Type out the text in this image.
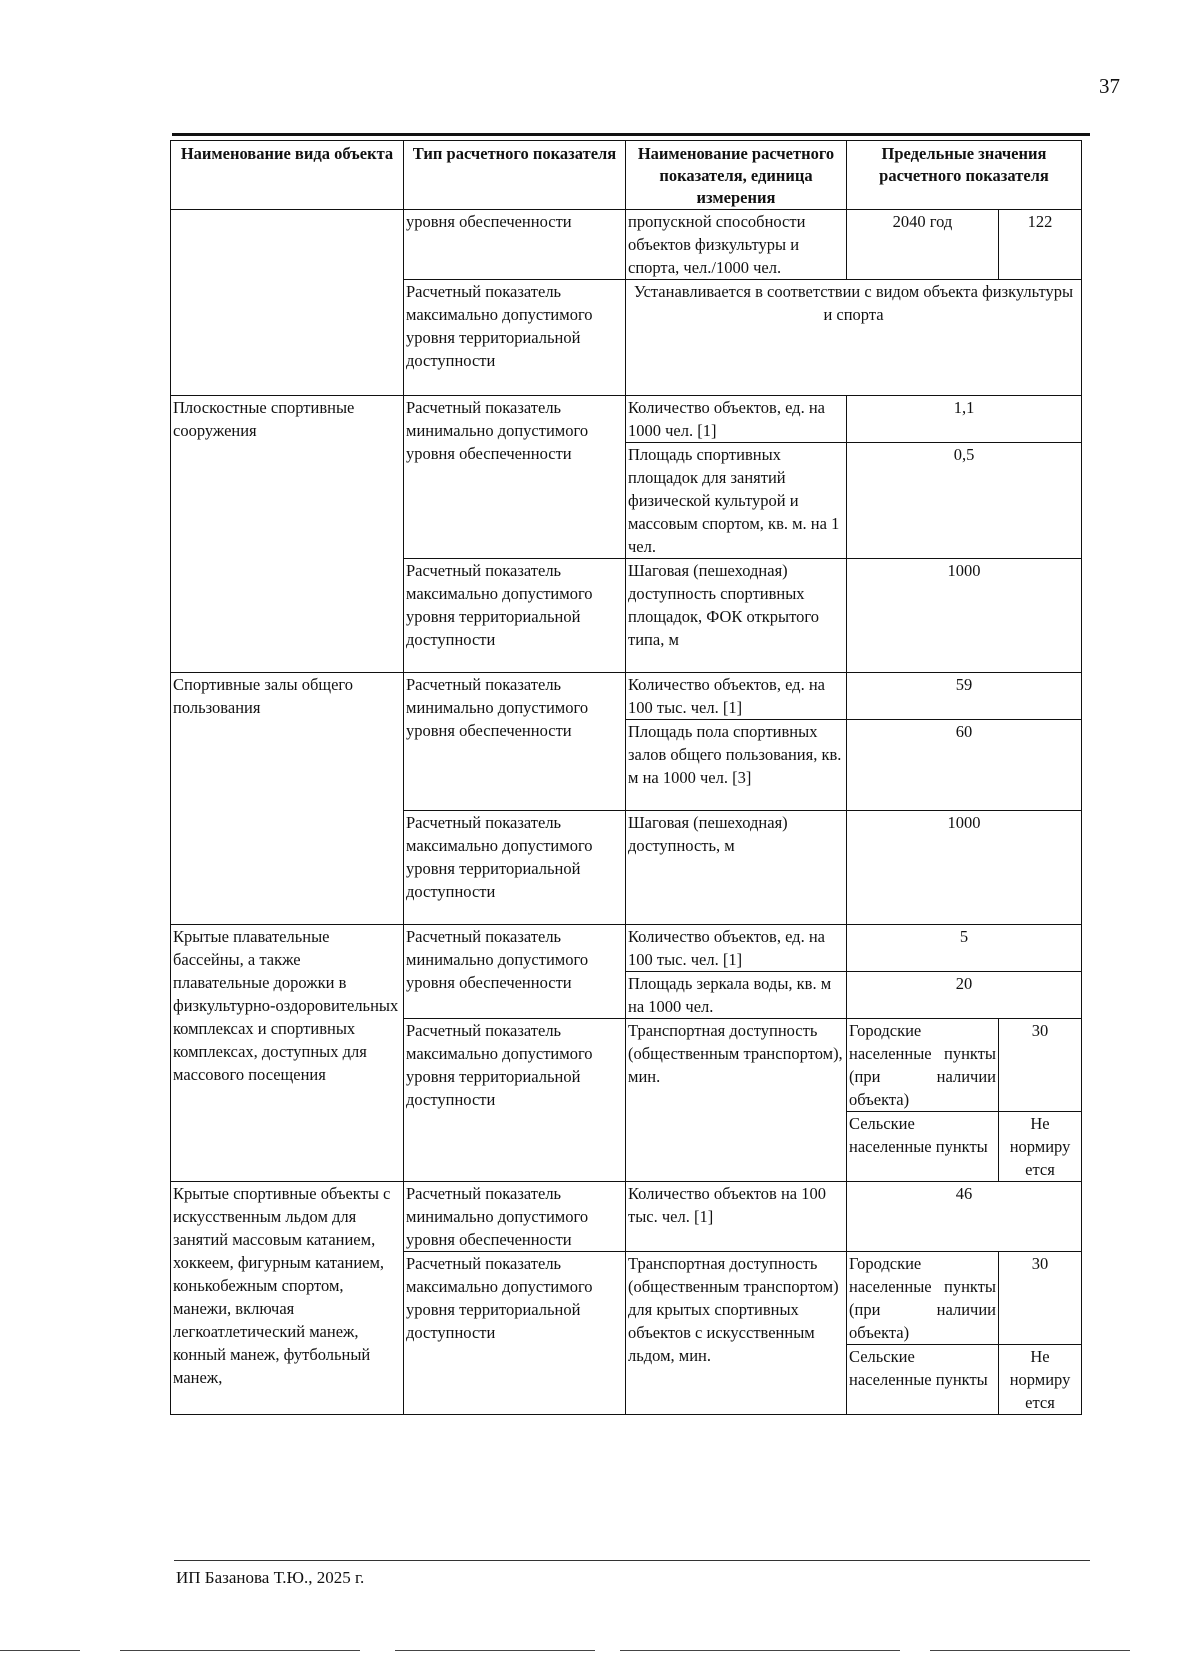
37
Наименование вида объекта	Тип расчетного показателя	Наименование расчетного показателя, единица измерения	Предельные значения расчетного показателя	
	уровня обеспеченности	пропускной способности объектов физкультуры и спорта, чел./1000 чел.	2040 год	122
	Расчетный показатель максимально допустимого уровня территориальной доступности	Устанавливается в соответствии с видом объекта физкультуры и спорта		
Плоскостные спортивные сооружения	Расчетный показатель минимально допустимого уровня обеспеченности	Количество объектов, ед. на 1000 чел. [1]	1,1	
		Площадь спортивных площадок для занятий физической культурой и массовым спортом, кв. м. на 1 чел.	0,5	
	Расчетный показатель максимально допустимого уровня территориальной доступности	Шаговая (пешеходная) доступность спортивных площадок, ФОК открытого типа, м	1000	
Спортивные залы общего пользования	Расчетный показатель минимально допустимого уровня обеспеченности	Количество объектов, ед. на 100 тыс. чел. [1]	59	
		Площадь пола спортивных залов общего пользования, кв. м на 1000 чел. [3]	60	
	Расчетный показатель максимально допустимого уровня территориальной доступности	Шаговая (пешеходная) доступность, м	1000	
Крытые плавательные бассейны, а также плавательные дорожки в физкультурно-оздоровительных комплексах и спортивных комплексах, доступных для массового посещения	Расчетный показатель минимально допустимого уровня обеспеченности	Количество объектов, ед. на 100 тыс. чел. [1]	5	
		Площадь зеркала воды, кв. м на 1000 чел.	20	
	Расчетный показатель максимально допустимого уровня территориальной доступности	Транспортная доступность (общественным транспортом), мин.	Городские населенные пункты (при наличии объекта)	30
			Сельские населенные пункты	Не нормиру ется
Крытые спортивные объекты с искусственным льдом для занятий массовым катанием, хоккеем, фигурным катанием, конькобежным спортом, манежи, включая легкоатлетический манеж, конный манеж, футбольный манеж,	Расчетный показатель минимально допустимого уровня обеспеченности	Количество объектов на 100 тыс. чел. [1]	46	
	Расчетный показатель максимально допустимого уровня территориальной доступности	Транспортная доступность (общественным транспортом) для крытых спортивных объектов с искусственным льдом, мин.	Городские населенные пункты (при наличии объекта)	30
			Сельские населенные пункты	Не нормиру ется
ИП Базанова Т.Ю., 2025 г.
